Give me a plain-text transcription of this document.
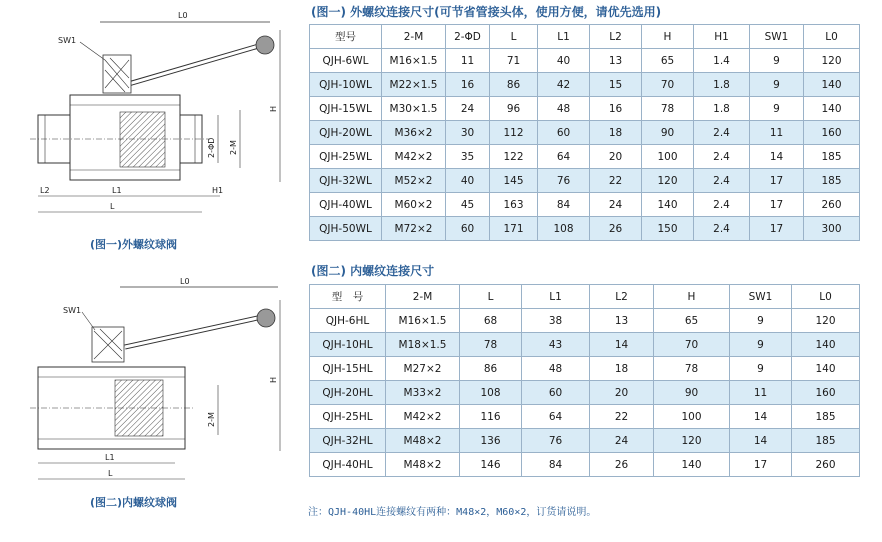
L0
SW1
2-ΦD 2-M
H
L2	L1	H1
L
(图一)外螺纹球阀
L0
SW1
2-M
H
L1
L
(图二)内螺纹球阀
(图一) 外螺纹连接尺寸(可节省管接头体，使用方便，请优先选用)
型号	2-M	2-ΦD	L	L1	L2	H	H1	SW1	L0
QJH-6WL	M16×1.5	11	71	40	13	65	1.4	9	120
QJH-10WL	M22×1.5	16	86	42	15	70	1.8	9	140
QJH-15WL	M30×1.5	24	96	48	16	78	1.8	9	140
QJH-20WL	M36×2	30	112	60	18	90	2.4	11	160
QJH-25WL	M42×2	35	122	64	20	100	2.4	14	185
QJH-32WL	M52×2	40	145	76	22	120	2.4	17	185
QJH-40WL	M60×2	45	163	84	24	140	2.4	17	260
QJH-50WL	M72×2	60	171	108	26	150	2.4	17	300
(图二) 内螺纹连接尺寸
型　号	2-M	L	L1	L2	H	SW1	L0
QJH-6HL	M16×1.5	68	38	13	65	9	120
QJH-10HL	M18×1.5	78	43	14	70	9	140
QJH-15HL	M27×2	86	48	18	78	9	140
QJH-20HL	M33×2	108	60	20	90	11	160
QJH-25HL	M42×2	116	64	22	100	14	185
QJH-32HL	M48×2	136	76	24	120	14	185
QJH-40HL	M48×2	146	84	26	140	17	260
注：QJH-40HL连接螺纹有两种：M48×2，M60×2，订货请说明。
